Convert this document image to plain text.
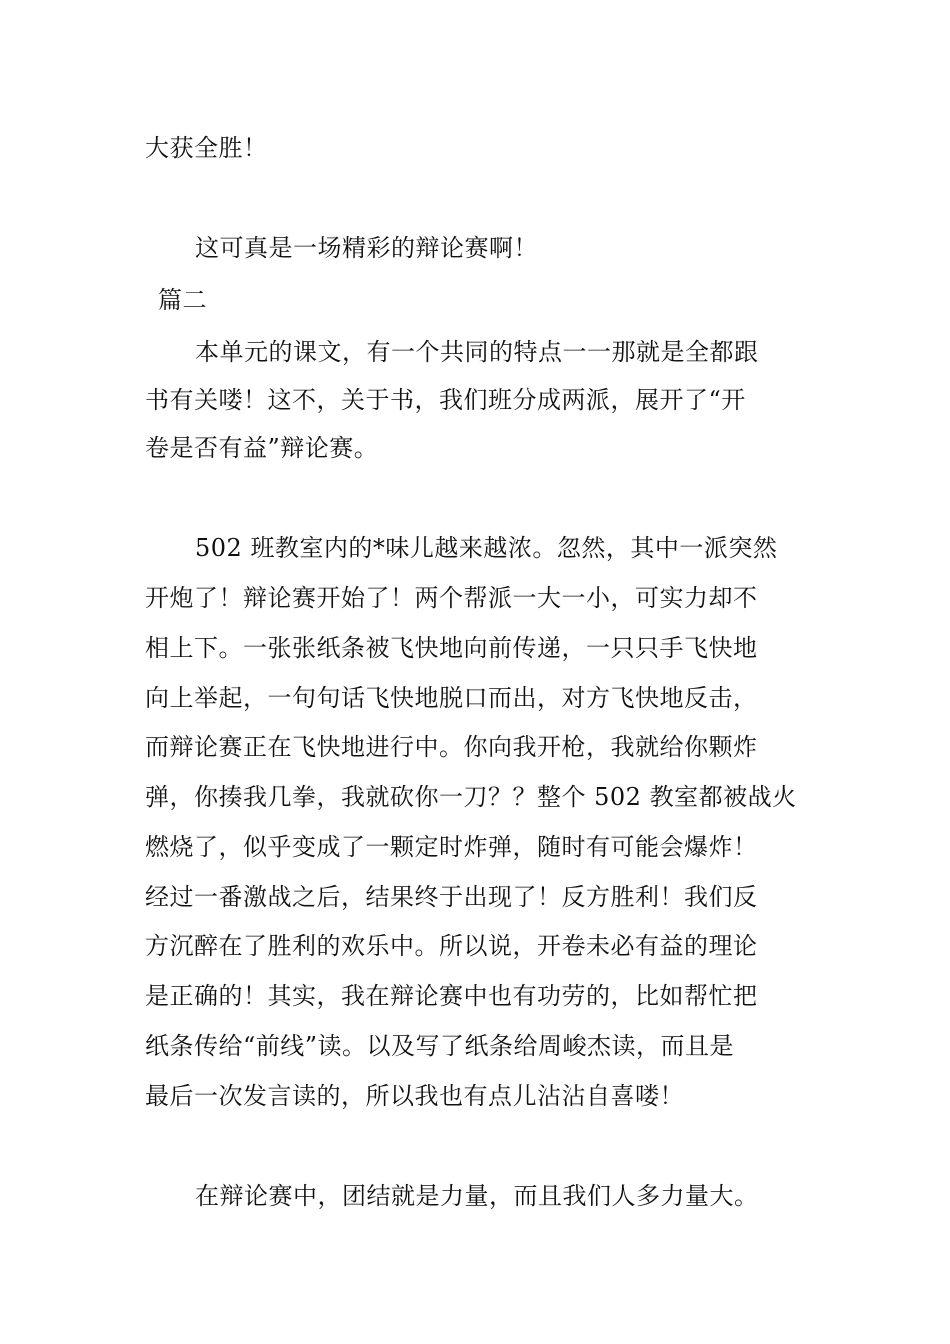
大获全胜！
这可真是一场精彩的辩论赛啊！
篇二
本单元的课文，有一个共同的特点一一那就是全都跟
书有关喽！这不，关于书，我们班分成两派，展开了“开
卷是否有益”辩论赛。
502 班教室内的*味儿越来越浓。忽然，其中一派突然
开炮了！辩论赛开始了！两个帮派一大一小，可实力却不
相上下。一张张纸条被飞快地向前传递，一只只手飞快地
向上举起，一句句话飞快地脱口而出，对方飞快地反击，
而辩论赛正在飞快地进行中。你向我开枪，我就给你颗炸
弹，你揍我几拳，我就砍你一刀？？整个 502 教室都被战火
燃烧了，似乎变成了一颗定时炸弹，随时有可能会爆炸！
经过一番激战之后，结果终于出现了！反方胜利！我们反
方沉醉在了胜利的欢乐中。所以说，开卷未必有益的理论
是正确的！其实，我在辩论赛中也有功劳的，比如帮忙把
纸条传给“前线”读。以及写了纸条给周峻杰读，而且是
最后一次发言读的，所以我也有点儿沾沾自喜喽！
在辩论赛中，团结就是力量，而且我们人多力量大。
